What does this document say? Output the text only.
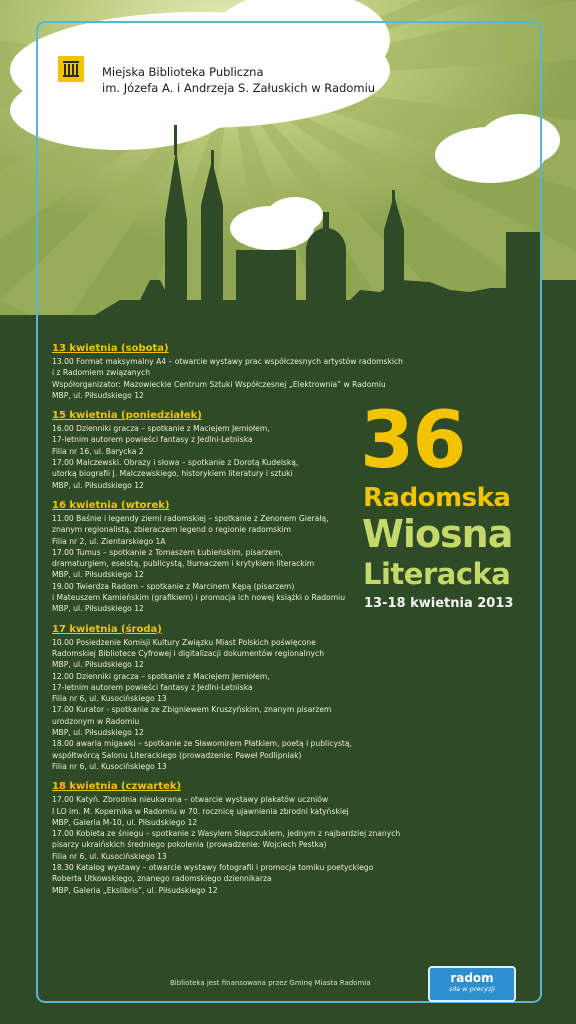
Miejska Biblioteka Publiczna
im. Józefa A. i Andrzeja S. Załuskich w Radomiu
13 kwietnia (sobota)
13.00 Format maksymalny A4 – otwarcie wystawy prac współczesnych artystów radomskich
i z Radomiem związanych
Współorganizator: Mazowieckie Centrum Sztuki Współczesnej „Elektrownia” w Radomiu
MBP, ul. Piłsudskiego 12
15 kwietnia (poniedziałek)
16.00 Dzienniki gracza – spotkanie z Maciejem Jemiołem,
17-letnim autorem powieści fantasy z Jedlni-Letniska
Filia nr 16, ul. Barycka 2
17.00 Malczewski. Obrazy i słowa – spotkanie z Dorotą Kudelską,
utorką biografii J. Malczewskiego, historykiem literatury i sztuki
MBP, ul. Piłsudskiego 12
16 kwietnia (wtorek)
11.00 Baśnie i legendy ziemi radomskiej – spotkanie z Zenonem Gierałą,
znanym regionalistą, zbieraczem legend o regionie radomskim
Filia nr 2, ul. Zientarskiego 1A
17.00 Tumus – spotkanie z Tomaszem Łubieńskim, pisarzem,
dramaturgiem, eseistą, publicystą, tłumaczem i krytykiem literackim
MBP, ul. Piłsudskiego 12
19.00 Twierdza Radom – spotkanie z Marcinem Kępą (pisarzem)
i Mateuszem Kamieńskim (grafikiem) i promocja ich nowej książki o Radomiu
MBP, ul. Piłsudskiego 12
17 kwietnia (środa)
10.00 Posiedzenie Komisji Kultury Związku Miast Polskich poświęcone
Radomskiej Bibliotece Cyfrowej i digitalizacji dokumentów regionalnych
MBP, ul. Piłsudskiego 12
12.00 Dzienniki gracza – spotkanie z Maciejem Jemiołem,
17-letnim autorem powieści fantasy z Jedlni-Letniska
Filia nr 6, ul. Kusocińskiego 13
17.00 Kurator - spotkanie ze Zbigniewem Kruszyńskim, znanym pisarzem
urodzonym w Radomiu
MBP, ul. Piłsudskiego 12
18.00 awaria migawki – spotkanie ze Sławomirem Płatkiem, poetą i publicystą,
współtwórcą Salonu Literackiego (prowadzenie: Paweł Podlipniak)
Filia nr 6, ul. Kusocińskiego 13
18 kwietnia (czwartek)
17.00 Katyń. Zbrodnia nieukarana – otwarcie wystawy plakatów uczniów
I LO im. M. Kopernika w Radomiu w 70. rocznicę ujawnienia zbrodni katyńskiej
MBP, Galeria M-10, ul. Piłsudskiego 12
17.00 Kobieta ze śniegu – spotkanie z Wasylem Słapczukiem, jednym z najbardziej znanych
pisarzy ukraińskich średniego pokolenia (prowadzenie: Wojciech Pestka)
Filia nr 6, ul. Kusocińskiego 13
18.30 Katalog wystawy – otwarcie wystawy fotografii i promocja tomiku poetyckiego
Roberta Utkowskiego, znanego radomskiego dziennikarza
MBP, Galeria „Ekslibris”, ul. Piłsudskiego 12
36
Radomska
Wiosna
Literacka
13-18 kwietnia 2013
Biblioteka jest finansowana przez Gminę Miasta Radomia	radom
siła w precyzji
